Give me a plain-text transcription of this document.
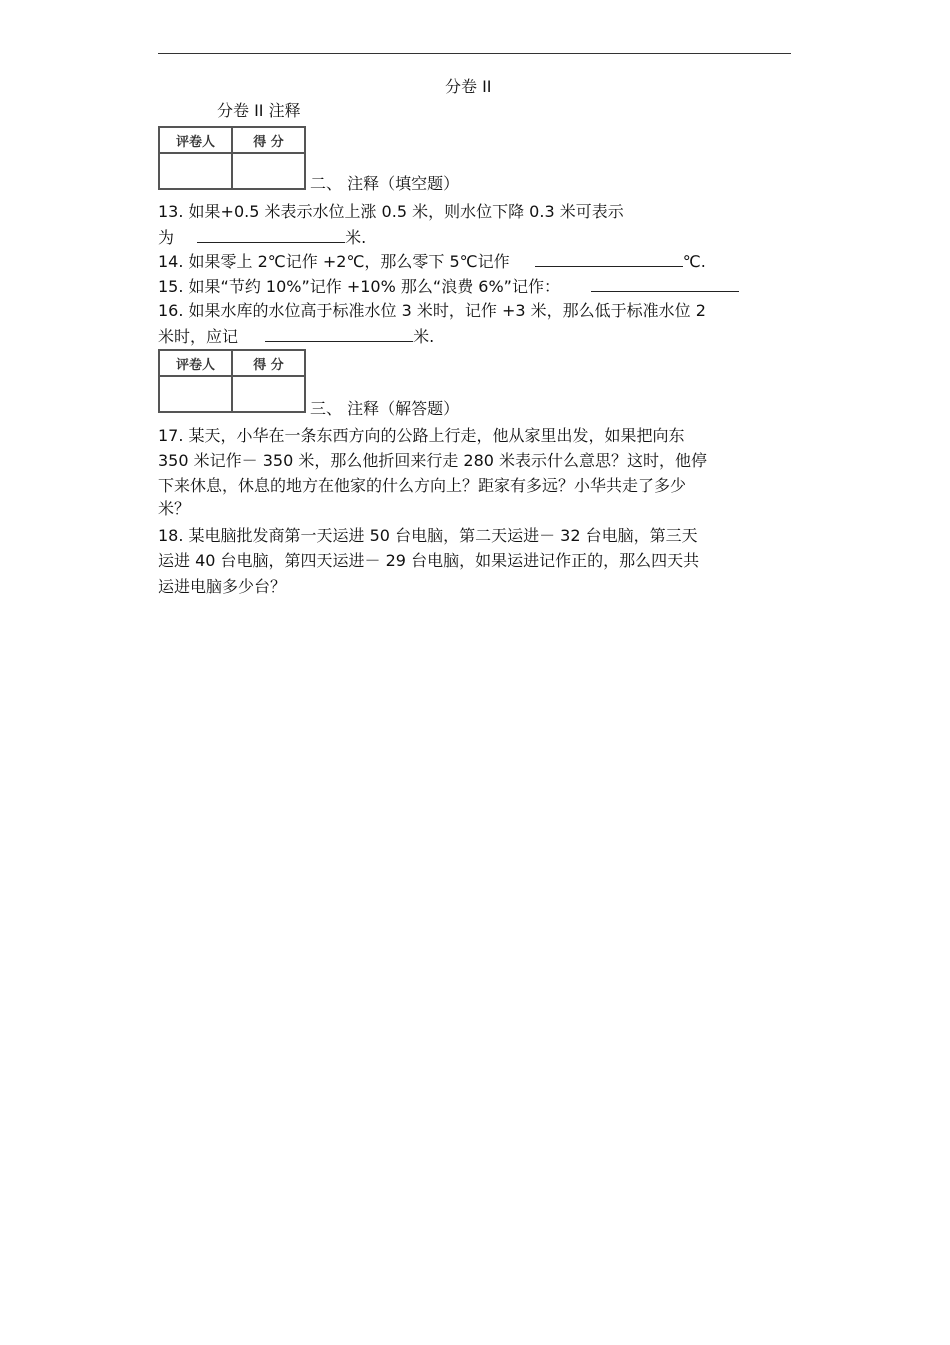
分卷 II
分卷 II 注释
评卷人	得 分

二、 注释（填空题）
13. 如果+0.5 米表示水位上涨 0.5 米，则水位下降 0.3 米可表示
为	米.
14. 如果零上 2℃记作 +2℃，那么零下 5℃记作	℃.
15. 如果“节约 10%”记作 +10% 那么“浪费 6%”记作：
16. 如果水库的水位高于标准水位 3 米时，记作 +3 米，那么低于标准水位 2
米时，应记	米.
评卷人	得 分

三、 注释（解答题）
17. 某天，小华在一条东西方向的公路上行走，他从家里出发，如果把向东
350 米记作－ 350 米，那么他折回来行走 280 米表示什么意思？这时，他停
下来休息，休息的地方在他家的什么方向上？距家有多远？小华共走了多少
米？
18. 某电脑批发商第一天运进 50 台电脑，第二天运进－ 32 台电脑，第三天
运进 40 台电脑，第四天运进－ 29 台电脑，如果运进记作正的，那么四天共
运进电脑多少台？
